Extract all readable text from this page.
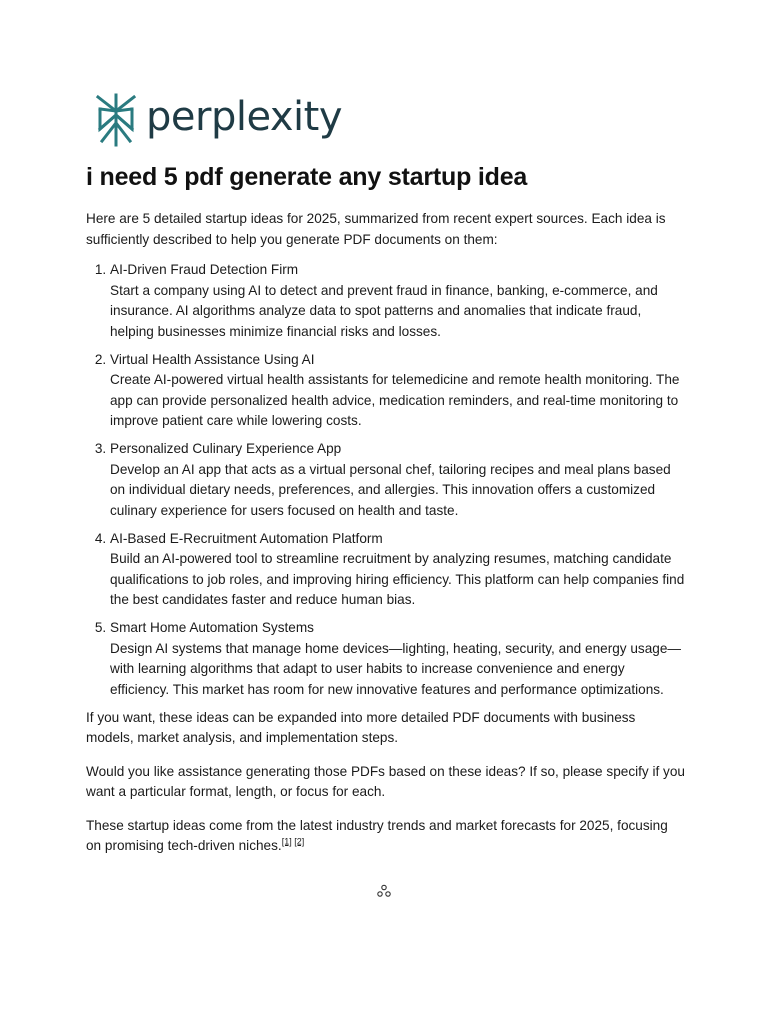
perplexity
i need 5 pdf generate any startup idea

Here are 5 detailed startup ideas for 2025, summarized from recent expert sources. Each idea is sufficiently described to help you generate PDF documents on them:

1. AI-Driven Fraud Detection Firm
Start a company using AI to detect and prevent fraud in finance, banking, e-commerce, and insurance. AI algorithms analyze data to spot patterns and anomalies that indicate fraud, helping businesses minimize financial risks and losses.
2. Virtual Health Assistance Using AI
Create AI-powered virtual health assistants for telemedicine and remote health monitoring. The app can provide personalized health advice, medication reminders, and real-time monitoring to improve patient care while lowering costs.
3. Personalized Culinary Experience App
Develop an AI app that acts as a virtual personal chef, tailoring recipes and meal plans based on individual dietary needs, preferences, and allergies. This innovation offers a customized culinary experience for users focused on health and taste.
4. AI-Based E-Recruitment Automation Platform
Build an AI-powered tool to streamline recruitment by analyzing resumes, matching candidate qualifications to job roles, and improving hiring efficiency. This platform can help companies find the best candidates faster and reduce human bias.
5. Smart Home Automation Systems
Design AI systems that manage home devices—lighting, heating, security, and energy usage—with learning algorithms that adapt to user habits to increase convenience and energy efficiency. This market has room for new innovative features and performance optimizations.

If you want, these ideas can be expanded into more detailed PDF documents with business models, market analysis, and implementation steps.

Would you like assistance generating those PDFs based on these ideas? If so, please specify if you want a particular format, length, or focus for each.

These startup ideas come from the latest industry trends and market forecasts for 2025, focusing on promising tech-driven niches.[1] [2]
